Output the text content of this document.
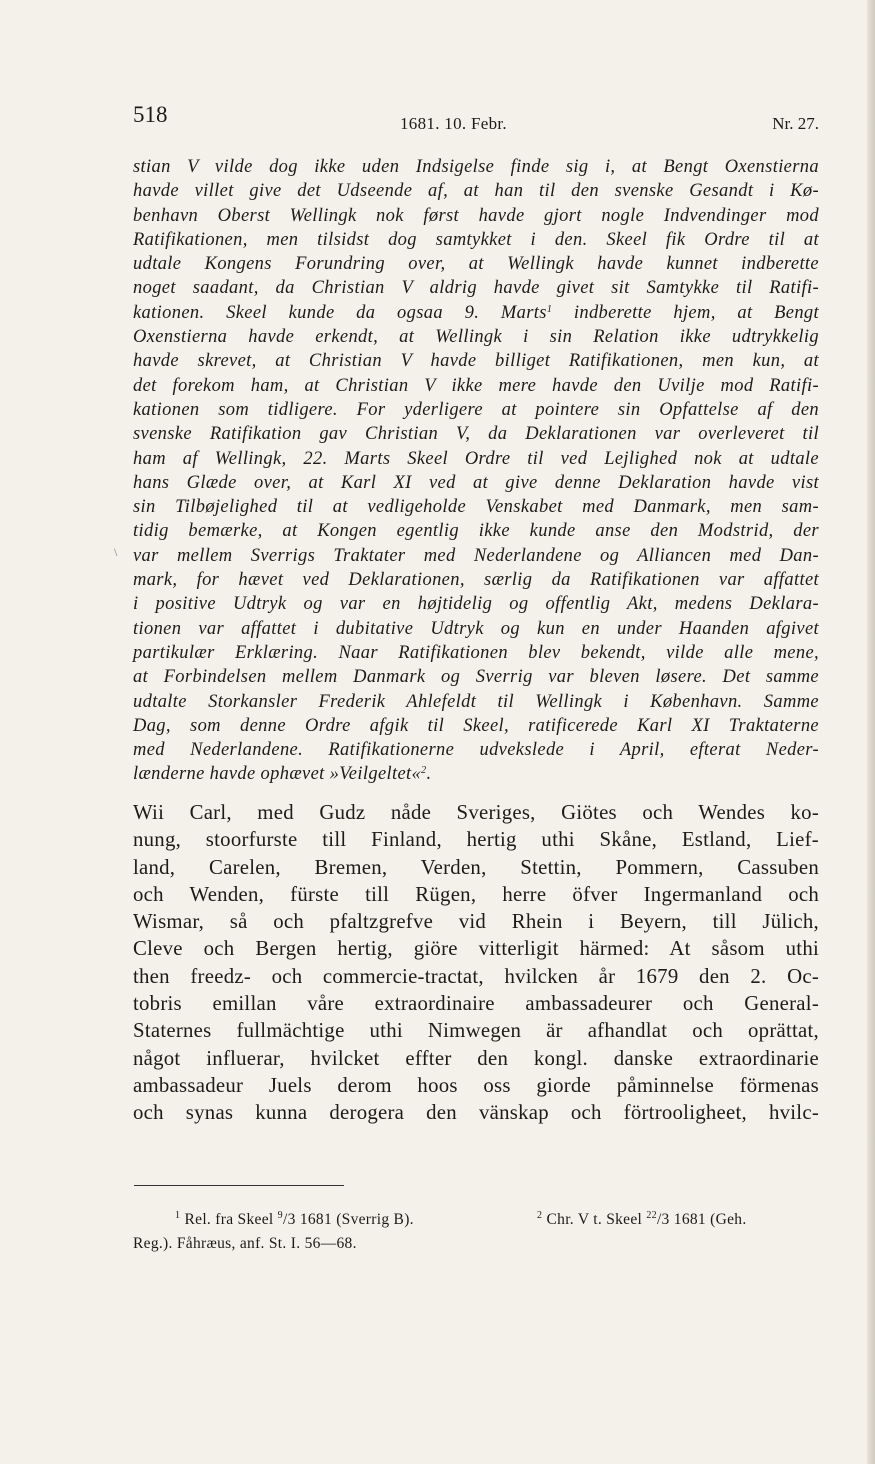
518	1681. 10. Febr.	Nr. 27.
\
stian V vilde dog ikke uden Indsigelse finde sig i, at Bengt Oxenstierna
havde villet give det Udseende af, at han til den svenske Gesandt i Kø-
benhavn Oberst Wellingk nok først havde gjort nogle Indvendinger mod
Ratifikationen, men tilsidst dog samtykket i den. Skeel fik Ordre til at
udtale Kongens Forundring over, at Wellingk havde kunnet indberette
noget saadant, da Christian V aldrig havde givet sit Samtykke til Ratifi-
kationen. Skeel kunde da ogsaa 9. Marts$^1$ indberette hjem, at Bengt
Oxenstierna havde erkendt, at Wellingk i sin Relation ikke udtrykkelig
havde skrevet, at Christian V havde billiget Ratifikationen, men kun, at
det forekom ham, at Christian V ikke mere havde den Uvilje mod Ratifi-
kationen som tidligere. For yderligere at pointere sin Opfattelse af den
svenske Ratifikation gav Christian V, da Deklarationen var overleveret til
ham af Wellingk, 22. Marts Skeel Ordre til ved Lejlighed nok at udtale
hans Glæde over, at Karl XI ved at give denne Deklaration havde vist
sin Tilbøjelighed til at vedligeholde Venskabet med Danmark, men sam-
tidig bemærke, at Kongen egentlig ikke kunde anse den Modstrid, der
var mellem Sverrigs Traktater med Nederlandene og Alliancen med Dan-
mark, for hævet ved Deklarationen, særlig da Ratifikationen var affattet
i positive Udtryk og var en højtidelig og offentlig Akt, medens Deklara-
tionen var affattet i dubitative Udtryk og kun en under Haanden afgivet
partikulær Erklæring. Naar Ratifikationen blev bekendt, vilde alle mene,
at Forbindelsen mellem Danmark og Sverrig var bleven løsere. Det samme
udtalte Storkansler Frederik Ahlefeldt til Wellingk i København. Samme
Dag, som denne Ordre afgik til Skeel, ratificerede Karl XI Traktaterne
med Nederlandene. Ratifikationerne udvekslede i April, efterat Neder-
lænderne havde ophævet »Veilgeltet«$^2$.
Wii Carl, med Gudz nåde Sveriges, Giötes och Wendes ko-
nung, stoorfurste till Finland, hertig uthi Skåne, Estland, Lief-
land, Carelen, Bremen, Verden, Stettin, Pommern, Cassuben
och Wenden, fürste till Rügen, herre öfver Ingermanland och
Wismar, så och pfaltzgrefve vid Rhein i Beyern, till Jülich,
Cleve och Bergen hertig, giöre vitterligit härmed: At såsom uthi
then freedz- och commercie-tractat, hvilcken år 1679 den 2. Oc-
tobris emillan våre extraordinaire ambassadeurer och General-
Staternes fullmächtige uthi Nimwegen är afhandlat och oprättat,
något influerar, hvilcket effter den kongl. danske extraordinarie
ambassadeur Juels derom hoos oss giorde påminnelse förmenas
och synas kunna derogera den vänskap och förtrooligheet, hvilc-
$^1$ Rel. fra Skeel $^9$/3 1681 (Sverrig B).	$^2$ Chr. V t. Skeel $^{22}$/3 1681 (Geh.
Reg.). Fåhræus, anf. St. I. 56—68.
